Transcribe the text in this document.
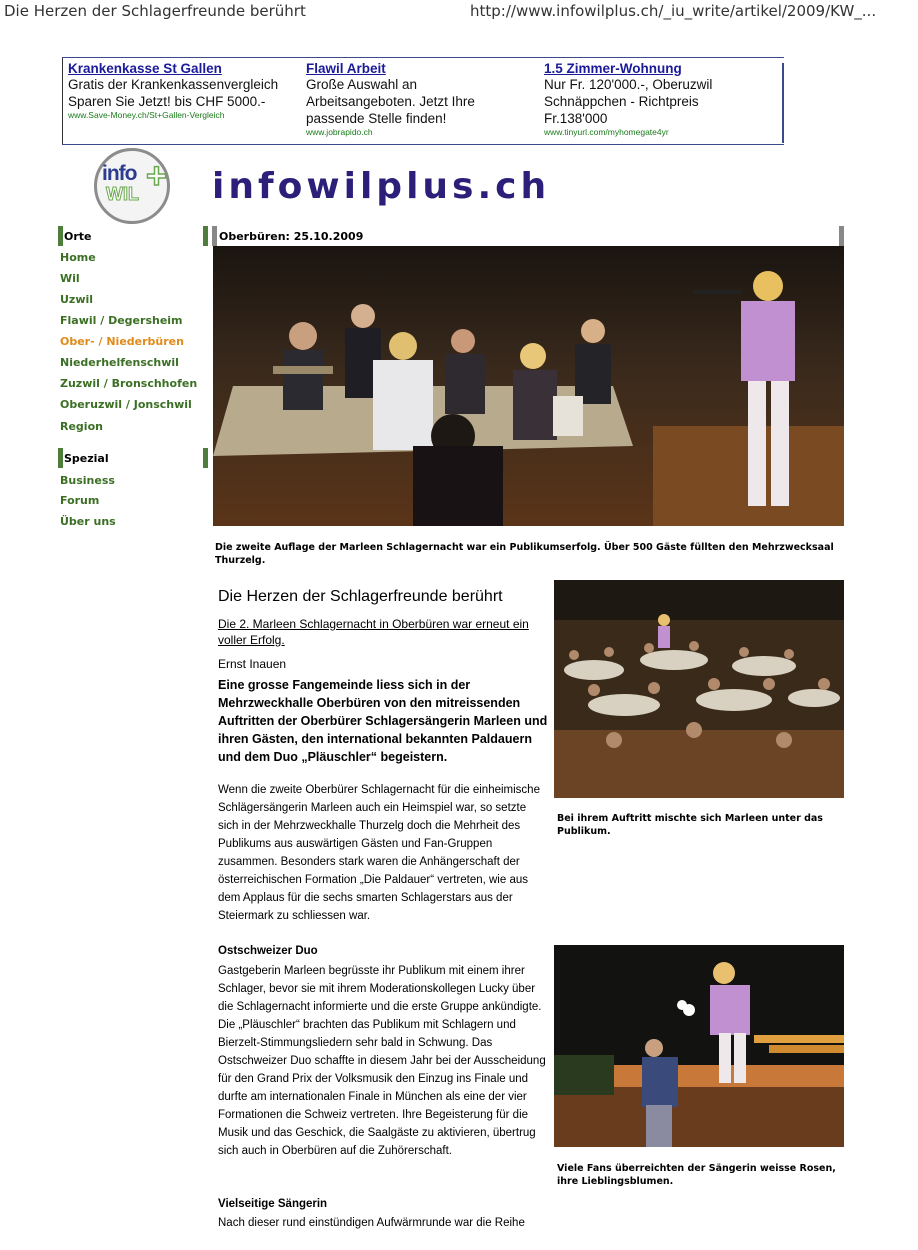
Die Herzen der Schlagerfreunde berührt	http://www.infowilplus.ch/_iu_write/artikel/2009/KW_...
Krankenkasse St Gallen
Gratis der Krankenkassenvergleich Sparen Sie Jetzt! bis CHF 5000.-
www.Save-Money.ch/St+Gallen-Vergleich
Flawil Arbeit
Große Auswahl an Arbeitsangeboten. Jetzt Ihre passende Stelle finden!
www.jobrapido.ch
1.5 Zimmer-Wohnung
Nur Fr. 120'000.-, Oberuzwil Schnäppchen - Richtpreis Fr.138'000
www.tinyurl.com/myhomegate4yr
info
WIL + infowilplus.ch
Orte
Home
Wil
Uzwil
Flawil / Degersheim
Ober- / Niederbüren
Niederhelfenschwil
Zuzwil / Bronschhofen
Oberuzwil / Jonschwil
Region
Spezial
Business
Forum
Über uns
Oberbüren: 25.10.2009
Die zweite Auflage der Marleen Schlagernacht war ein Publikumserfolg. Über 500 Gäste füllten den Mehrzwecksaal Thurzelg.
Die Herzen der Schlagerfreunde berührt
Die 2. Marleen Schlagernacht in Oberbüren war erneut ein voller Erfolg.
Ernst Inauen
Eine grosse Fangemeinde liess sich in der Mehrzweckhalle Oberbüren von den mitreissenden Auftritten der Oberbürer Schlagersängerin Marleen und ihren Gästen, den international bekannten Paldauern und dem Duo „Pläuschler“ begeistern.
Wenn die zweite Oberbürer Schlagernacht für die einheimische Schlägersängerin Marleen auch ein Heimspiel war, so setzte sich in der Mehrzweckhalle Thurzelg doch die Mehrheit des Publikums aus auswärtigen Gästen und Fan-Gruppen zusammen. Besonders stark waren die Anhängerschaft der österreichischen Formation „Die Paldauer“ vertreten, wie aus dem Applaus für die sechs smarten Schlagerstars aus der Steiermark zu schliessen war.
Ostschweizer Duo
Gastgeberin Marleen begrüsste ihr Publikum mit einem ihrer Schlager, bevor sie mit ihrem Moderationskollegen Lucky über die Schlagernacht informierte und die erste Gruppe ankündigte. Die „Pläuschler“ brachten das Publikum mit Schlagern und Bierzelt-Stimmungsliedern sehr bald in Schwung. Das Ostschweizer Duo schaffte in diesem Jahr bei der Ausscheidung für den Grand Prix der Volksmusik den Einzug ins Finale und durfte am internationalen Finale in München als eine der vier Formationen die Schweiz vertreten. Ihre Begeisterung für die Musik und das Geschick, die Saalgäste zu aktivieren, übertrug sich auch in Oberbüren auf die Zuhörerschaft.
Vielseitige Sängerin
Nach dieser rund einstündigen Aufwärmrunde war die Reihe
Bei ihrem Auftritt mischte sich Marleen unter das Publikum.
Viele Fans überreichten der Sängerin weisse Rosen, ihre Lieblingsblumen.
